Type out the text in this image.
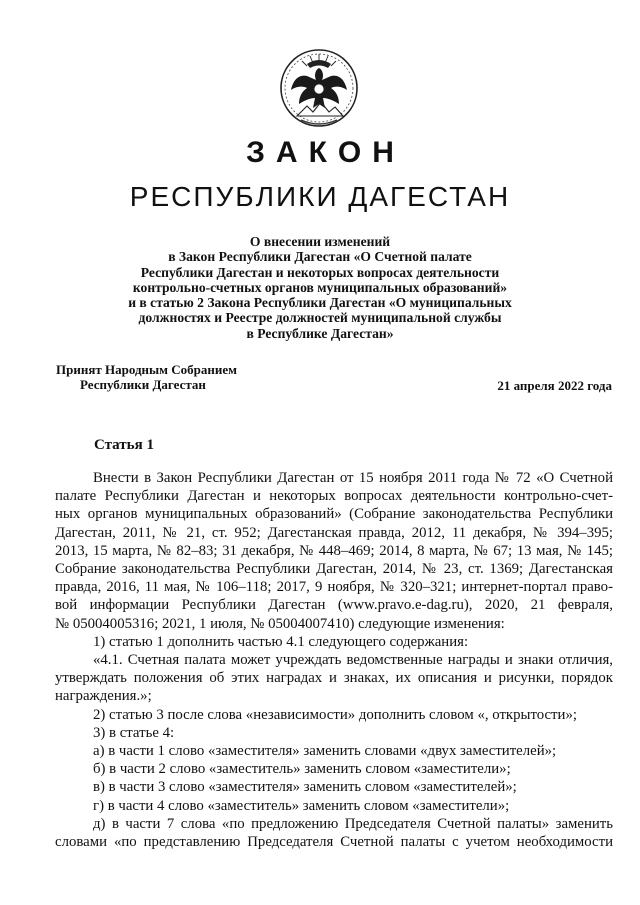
ЗАКОН
РЕСПУБЛИКИ ДАГЕСТАН
О внесении изменений
в Закон Республики Дагестан «О Счетной палате
Республики Дагестан и некоторых вопросах деятельности
контрольно-счетных органов муниципальных образований»
и в статью 2 Закона Республики Дагестан «О муниципальных
должностях и Реестре должностей муниципальной службы
в Республике Дагестан»
Принят Народным Собранием
Республики Дагестан	21 апреля 2022 года
Статья 1

Внести в Закон Республики Дагестан от 15 ноября 2011 года № 72 «О Счетной

палате Республики Дагестан и некоторых вопросах деятельности контрольно-счет-

ных органов муниципальных образований» (Собрание законодательства Республики

Дагестан, 2011, № 21, ст. 952; Дагестанская правда, 2012, 11 декабря, № 394–395;

2013, 15 марта, № 82–83; 31 декабря, № 448–469; 2014, 8 марта, № 67; 13 мая, № 145;

Собрание законодательства Республики Дагестан, 2014, № 23, ст. 1369; Дагестанская

правда, 2016, 11 мая, № 106–118; 2017, 9 ноября, № 320–321; интернет-портал право-

вой информации Республики Дагестан (www.pravo.e-dag.ru), 2020, 21 февраля,

№ 05004005316; 2021, 1 июля, № 05004007410) следующие изменения:

1) статью 1 дополнить частью 4.1 следующего содержания:

«4.1. Счетная палата может учреждать ведомственные награды и знаки отличия,

утверждать положения об этих наградах и знаках, их описания и рисунки, порядок

награждения.»;

2) статью 3 после слова «независимости» дополнить словом «, открытости»;

3) в статье 4:

а) в части 1 слово «заместителя» заменить словами «двух заместителей»;

б) в части 2 слово «заместитель» заменить словом «заместители»;

в) в части 3 слово «заместителя» заменить словом «заместителей»;

г) в части 4 слово «заместитель» заменить словом «заместители»;

д) в части 7 слова «по предложению Председателя Счетной палаты» заменить

словами «по представлению Председателя Счетной палаты с учетом необходимости
